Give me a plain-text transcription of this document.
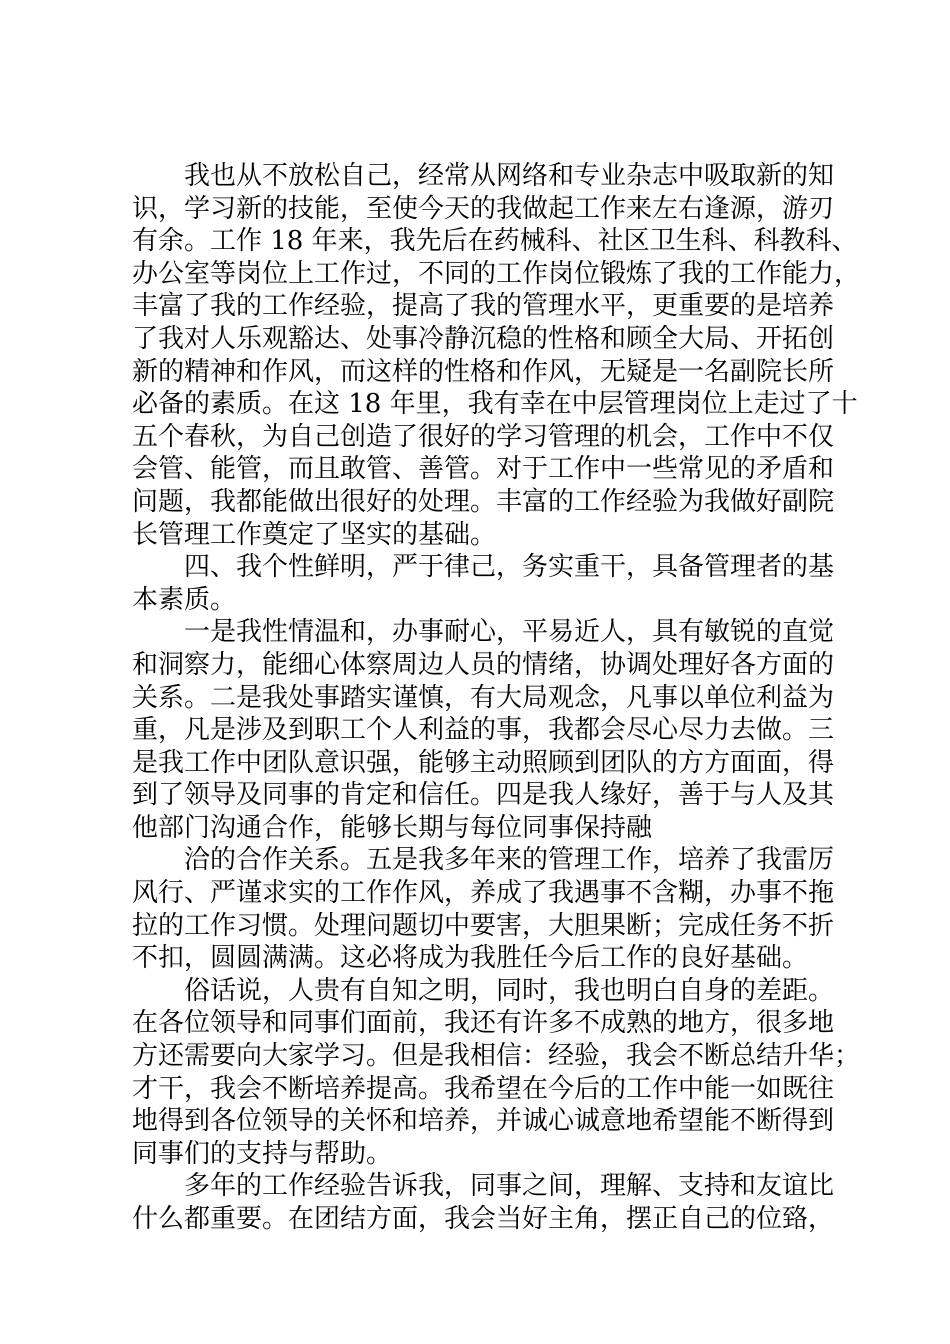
我也从不放松自己，经常从网络和专业杂志中吸取新的知
识，学习新的技能，至使今天的我做起工作来左右逢源，游刃
有余。工作 18 年来，我先后在药械科、社区卫生科、科教科、
办公室等岗位上工作过，不同的工作岗位锻炼了我的工作能力，
丰富了我的工作经验，提高了我的管理水平，更重要的是培养
了我对人乐观豁达、处事冷静沉稳的性格和顾全大局、开拓创
新的精神和作风，而这样的性格和作风，无疑是一名副院长所
必备的素质。在这 18 年里，我有幸在中层管理岗位上走过了十
五个春秋，为自己创造了很好的学习管理的机会，工作中不仅
会管、能管，而且敢管、善管。对于工作中一些常见的矛盾和
问题，我都能做出很好的处理。丰富的工作经验为我做好副院
长管理工作奠定了坚实的基础。
四、我个性鲜明，严于律己，务实重干，具备管理者的基
本素质。
一是我性情温和，办事耐心，平易近人，具有敏锐的直觉
和洞察力，能细心体察周边人员的情绪，协调处理好各方面的
关系。二是我处事踏实谨慎，有大局观念，凡事以单位利益为
重，凡是涉及到职工个人利益的事，我都会尽心尽力去做。三
是我工作中团队意识强，能够主动照顾到团队的方方面面，得
到了领导及同事的肯定和信任。四是我人缘好，善于与人及其
他部门沟通合作，能够长期与每位同事保持融
洽的合作关系。五是我多年来的管理工作，培养了我雷厉
风行、严谨求实的工作作风，养成了我遇事不含糊，办事不拖
拉的工作习惯。处理问题切中要害，大胆果断；完成任务不折
不扣，圆圆满满。这必将成为我胜任今后工作的良好基础。
俗话说，人贵有自知之明，同时，我也明白自身的差距。
在各位领导和同事们面前，我还有许多不成熟的地方，很多地
方还需要向大家学习。但是我相信：经验，我会不断总结升华；
才干，我会不断培养提高。我希望在今后的工作中能一如既往
地得到各位领导的关怀和培养，并诚心诚意地希望能不断得到
同事们的支持与帮助。
多年的工作经验告诉我，同事之间，理解、支持和友谊比
什么都重要。在团结方面，我会当好主角，摆正自己的位臵，
